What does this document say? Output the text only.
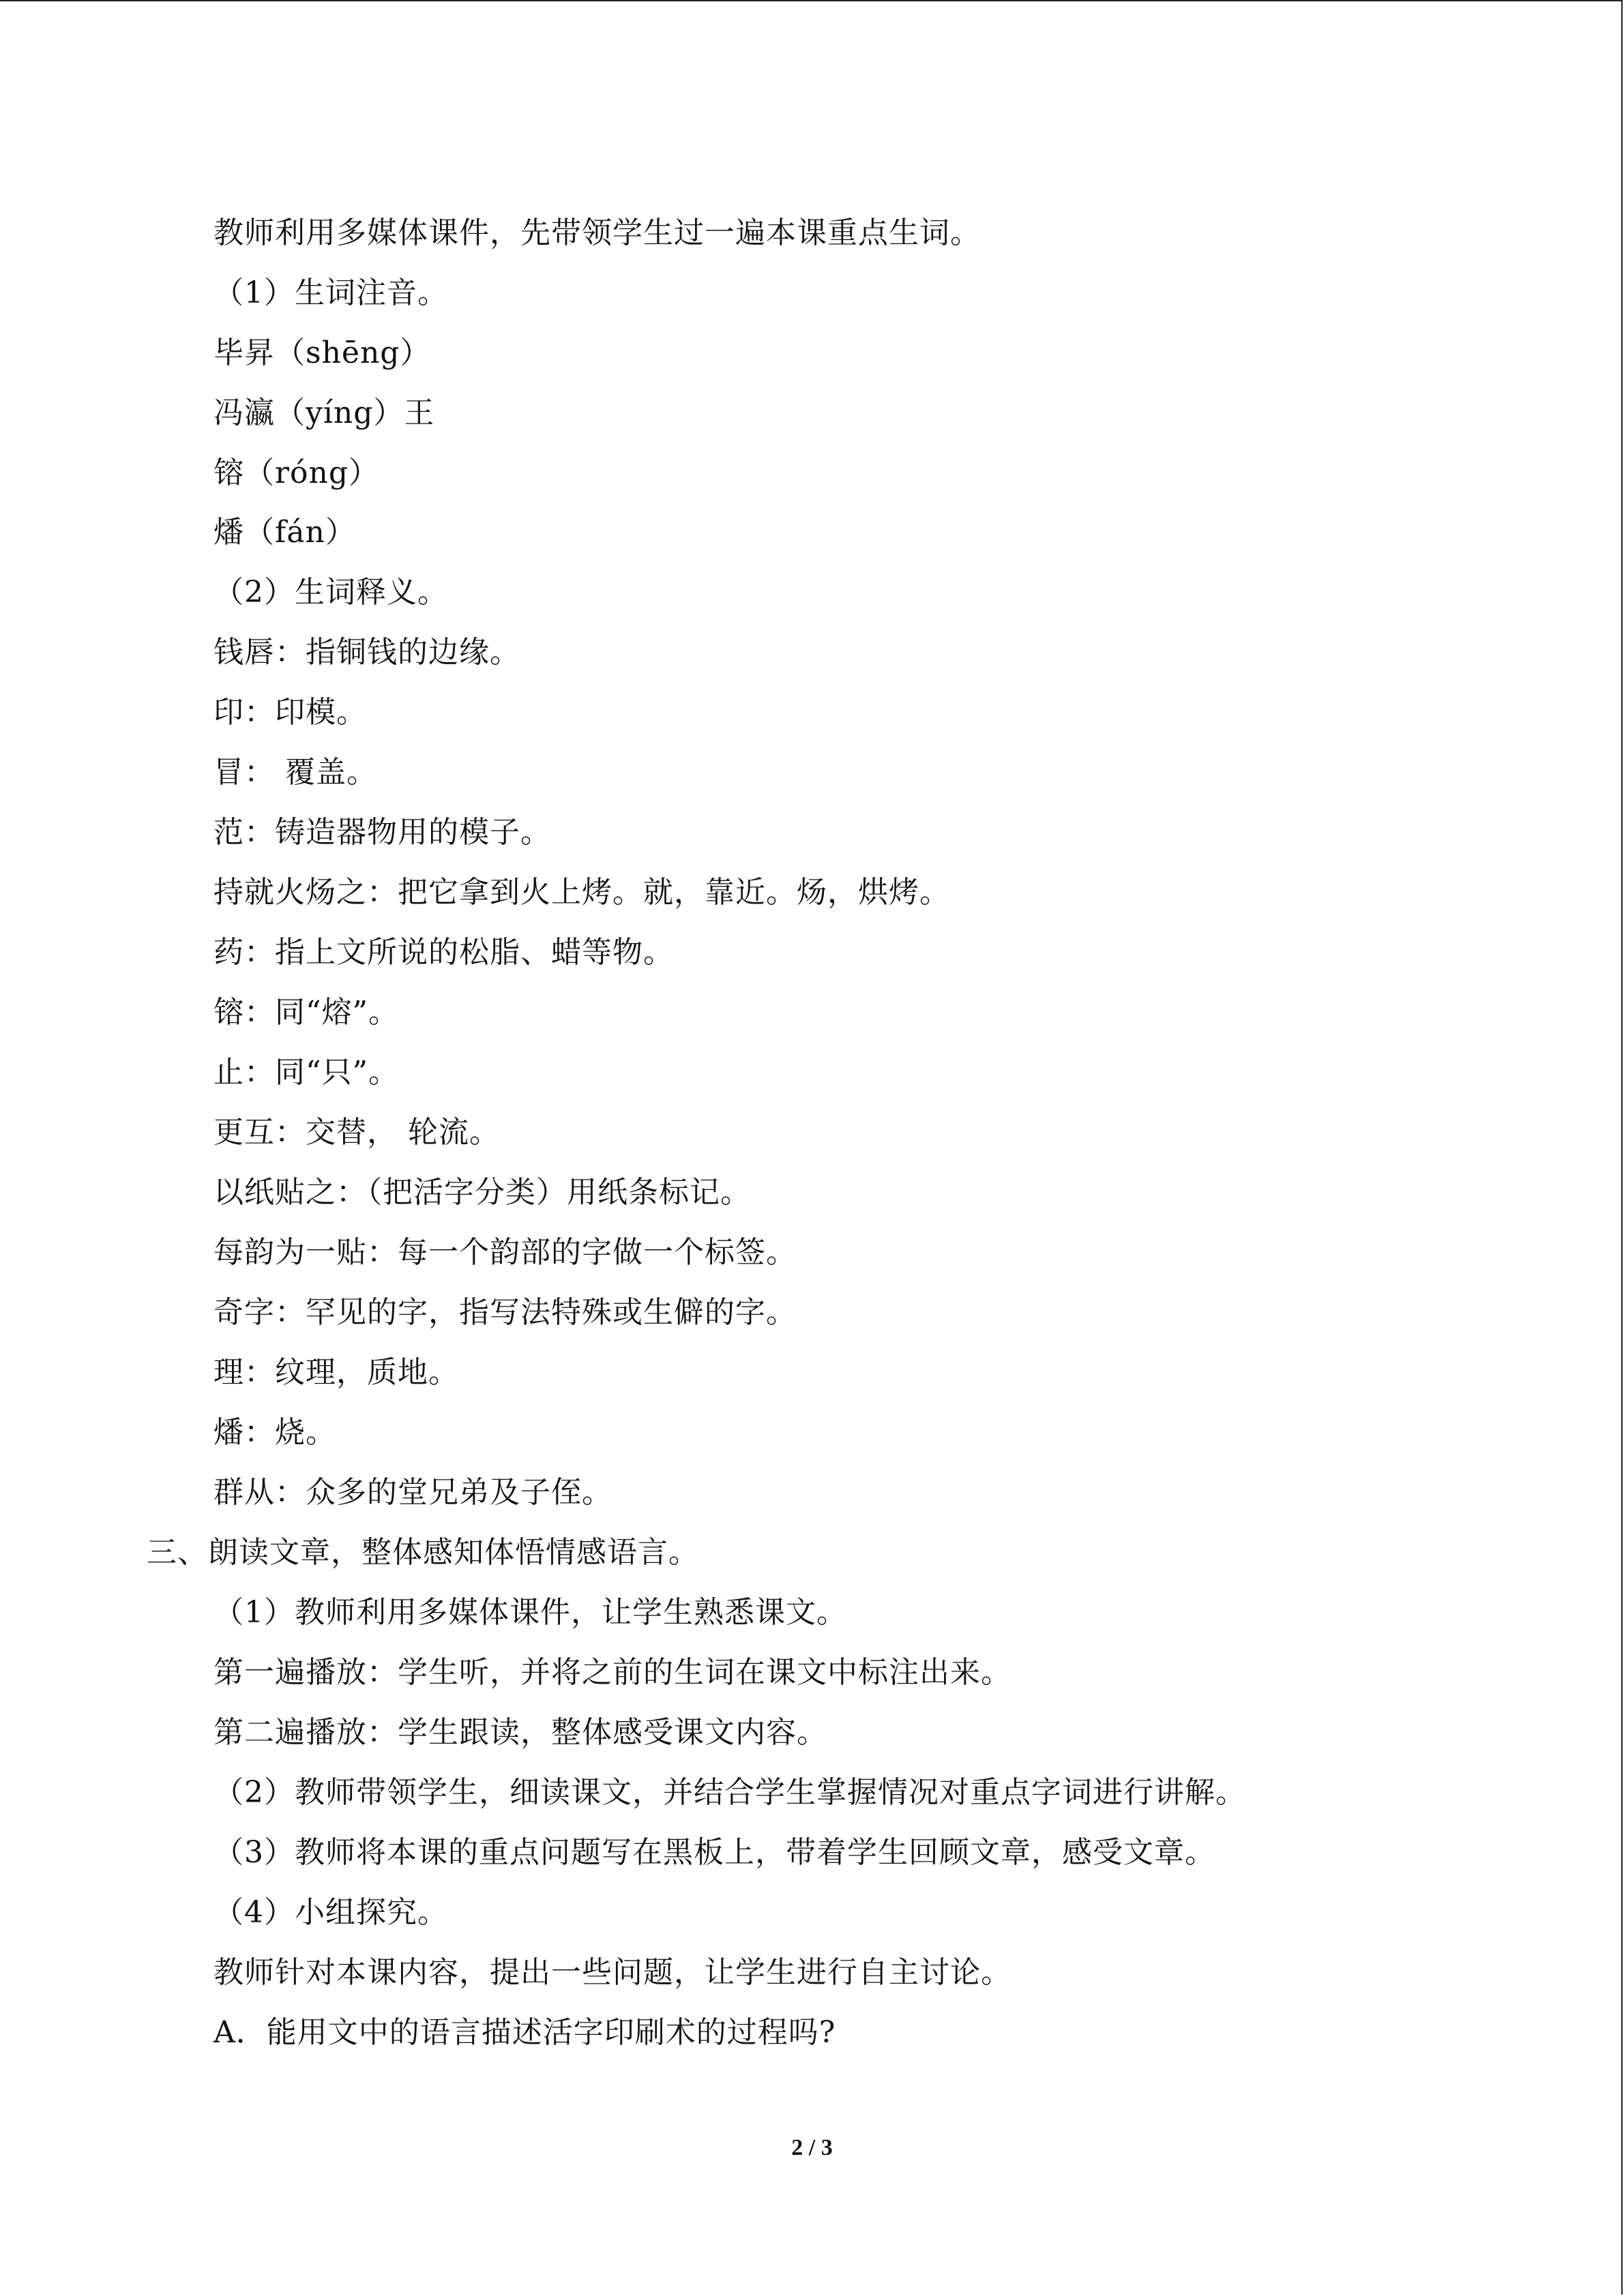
教师利用多媒体课件，先带领学生过一遍本课重点生词。
（1）生词注音。
毕昇（shēng）
冯瀛（yíng）王
镕（róng）
燔（fán）
（2）生词释义。
钱唇：指铜钱的边缘。
印：印模。
冒： 覆盖。
范：铸造器物用的模子。
持就火炀之：把它拿到火上烤。就，靠近。炀，烘烤。
药：指上文所说的松脂、蜡等物。
镕：同“熔”。
止：同“只”。
更互：交替， 轮流。
以纸贴之：（把活字分类）用纸条标记。
每韵为一贴：每一个韵部的字做一个标签。
奇字：罕见的字，指写法特殊或生僻的字。
理：纹理，质地。
燔：烧。
群从：众多的堂兄弟及子侄。
三、朗读文章，整体感知体悟情感语言。
（1）教师利用多媒体课件，让学生熟悉课文。
第一遍播放：学生听，并将之前的生词在课文中标注出来。
第二遍播放：学生跟读，整体感受课文内容。
（2）教师带领学生，细读课文，并结合学生掌握情况对重点字词进行讲解。
（3）教师将本课的重点问题写在黑板上，带着学生回顾文章，感受文章。
（4）小组探究。
教师针对本课内容，提出一些问题，让学生进行自主讨论。
A．能用文中的语言描述活字印刷术的过程吗?
2 / 3
